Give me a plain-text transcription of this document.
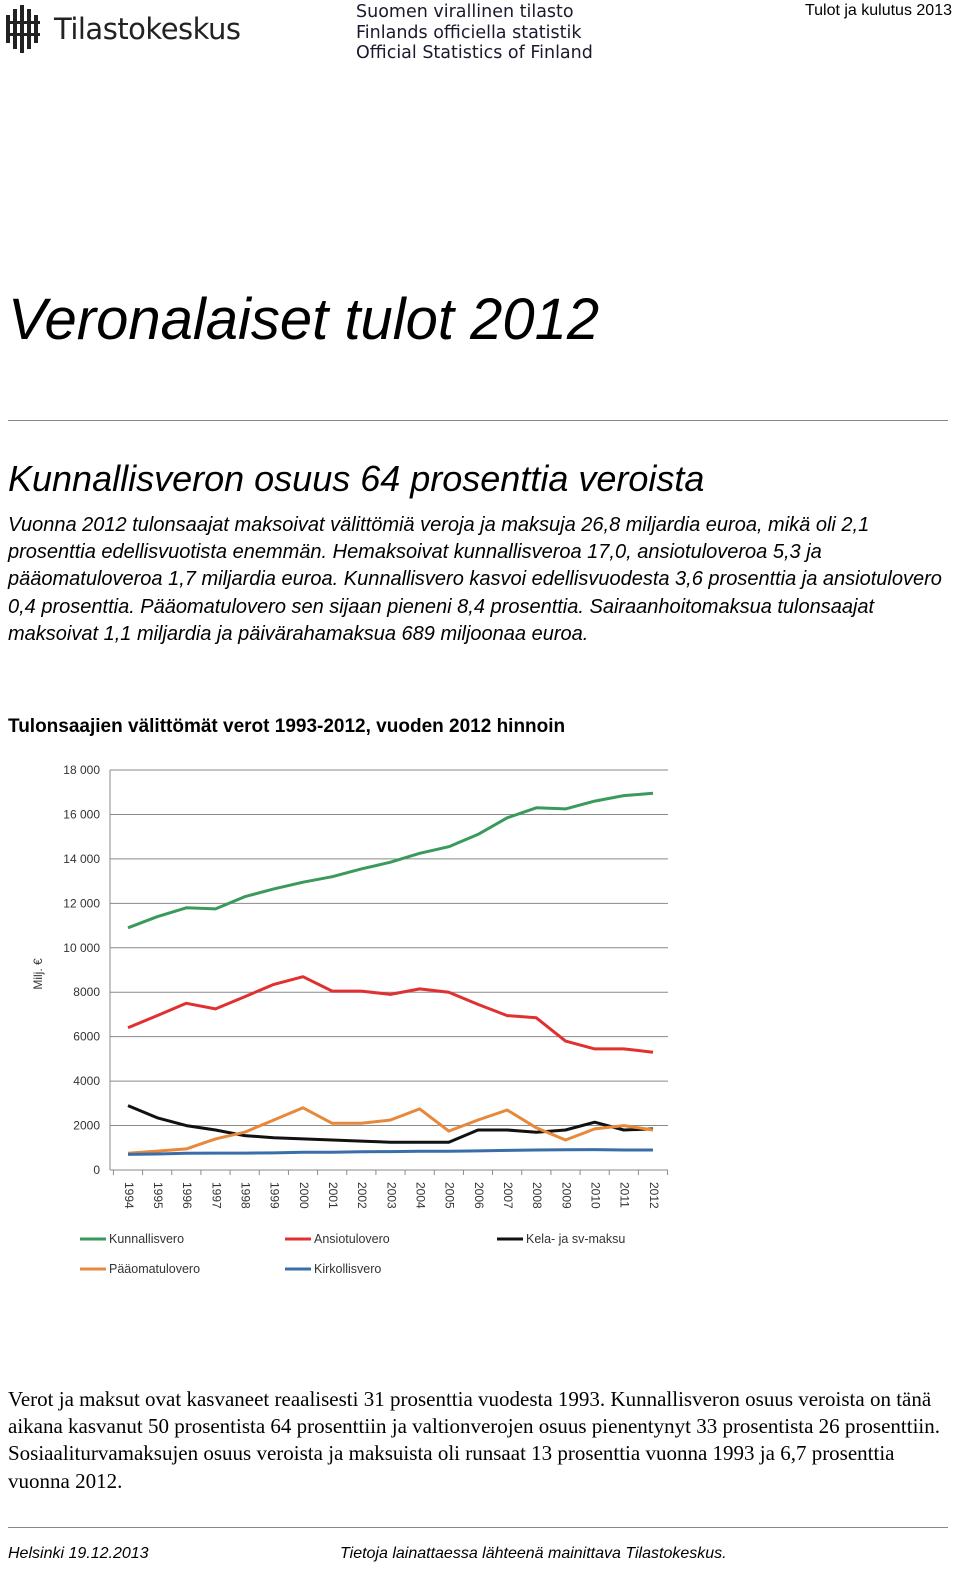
Tilastokeskus	Suomen virallinen tilasto
Finlands officiella statistik
Official Statistics of Finland
Tulot ja kulutus 2013
Veronalaiset tulot 2012
Kunnallisveron osuus 64 prosenttia veroista
Vuonna 2012 tulonsaajat maksoivat välittömiä veroja ja maksuja 26,8 miljardia euroa, mikä oli 2,1 prosenttia edellisvuotista enemmän. Hemaksoivat kunnallisveroa 17,0, ansiotuloveroa 5,3 ja pääomatuloveroa 1,7 miljardia euroa. Kunnallisvero kasvoi edellisvuodesta 3,6 prosenttia ja ansiotulovero 0,4 prosenttia. Pääomatulovero sen sijaan pieneni 8,4 prosenttia. Sairaanhoitomaksua tulonsaajat maksoivat 1,1 miljardia ja päivärahamaksua 689 miljoonaa euroa.
Tulonsaajien välittömät verot 1993-2012, vuoden 2012 hinnoin
0
2000
4000
6000
8000
10 000
12 000
14 000
16 000
18 000
1994 1995 1996 1997 1998 1999 2000 2001 2002 2003 2004 2005 2006 2007 2008 2009 2010 2011 2012
Milj. €
Kunnallisvero	Ansiotulovero	Kela- ja sv-maksu
Pääomatulovero	Kirkollisvero
Verot ja maksut ovat kasvaneet reaalisesti 31 prosenttia vuodesta 1993. Kunnallisveron osuus veroista on tänä aikana kasvanut 50 prosentista 64 prosenttiin ja valtionverojen osuus pienentynyt 33 prosentista 26 prosenttiin. Sosiaaliturvamaksujen osuus veroista ja maksuista oli runsaat 13 prosenttia vuonna 1993 ja 6,7 prosenttia vuonna 2012.
Helsinki 19.12.2013	Tietoja lainattaessa lähteenä mainittava Tilastokeskus.
